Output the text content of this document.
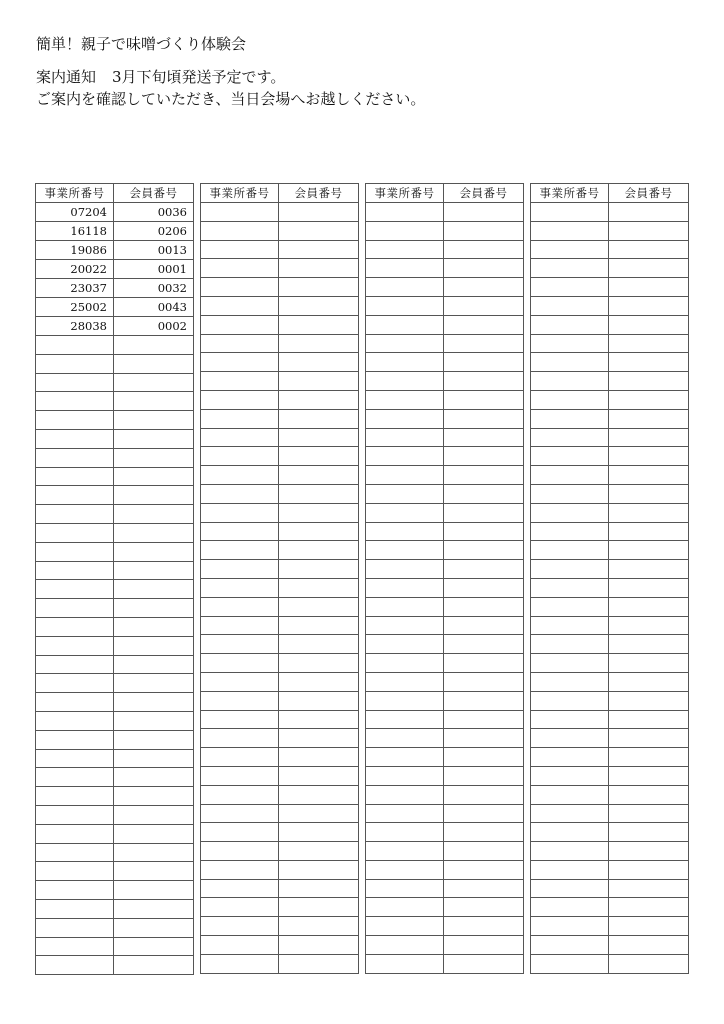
簡単！親子で味噌づくり体験会
案内通知 3月下旬頃発送予定です。
ご案内を確認していただき、当日会場へお越しください。
事業所番号	会員番号
07204	0036
16118	0206
19086	0013
20022	0001
23037	0032
25002	0043
28038	0002

事業所番号	会員番号

		事業所番号	会員番号

		事業所番号	会員番号
